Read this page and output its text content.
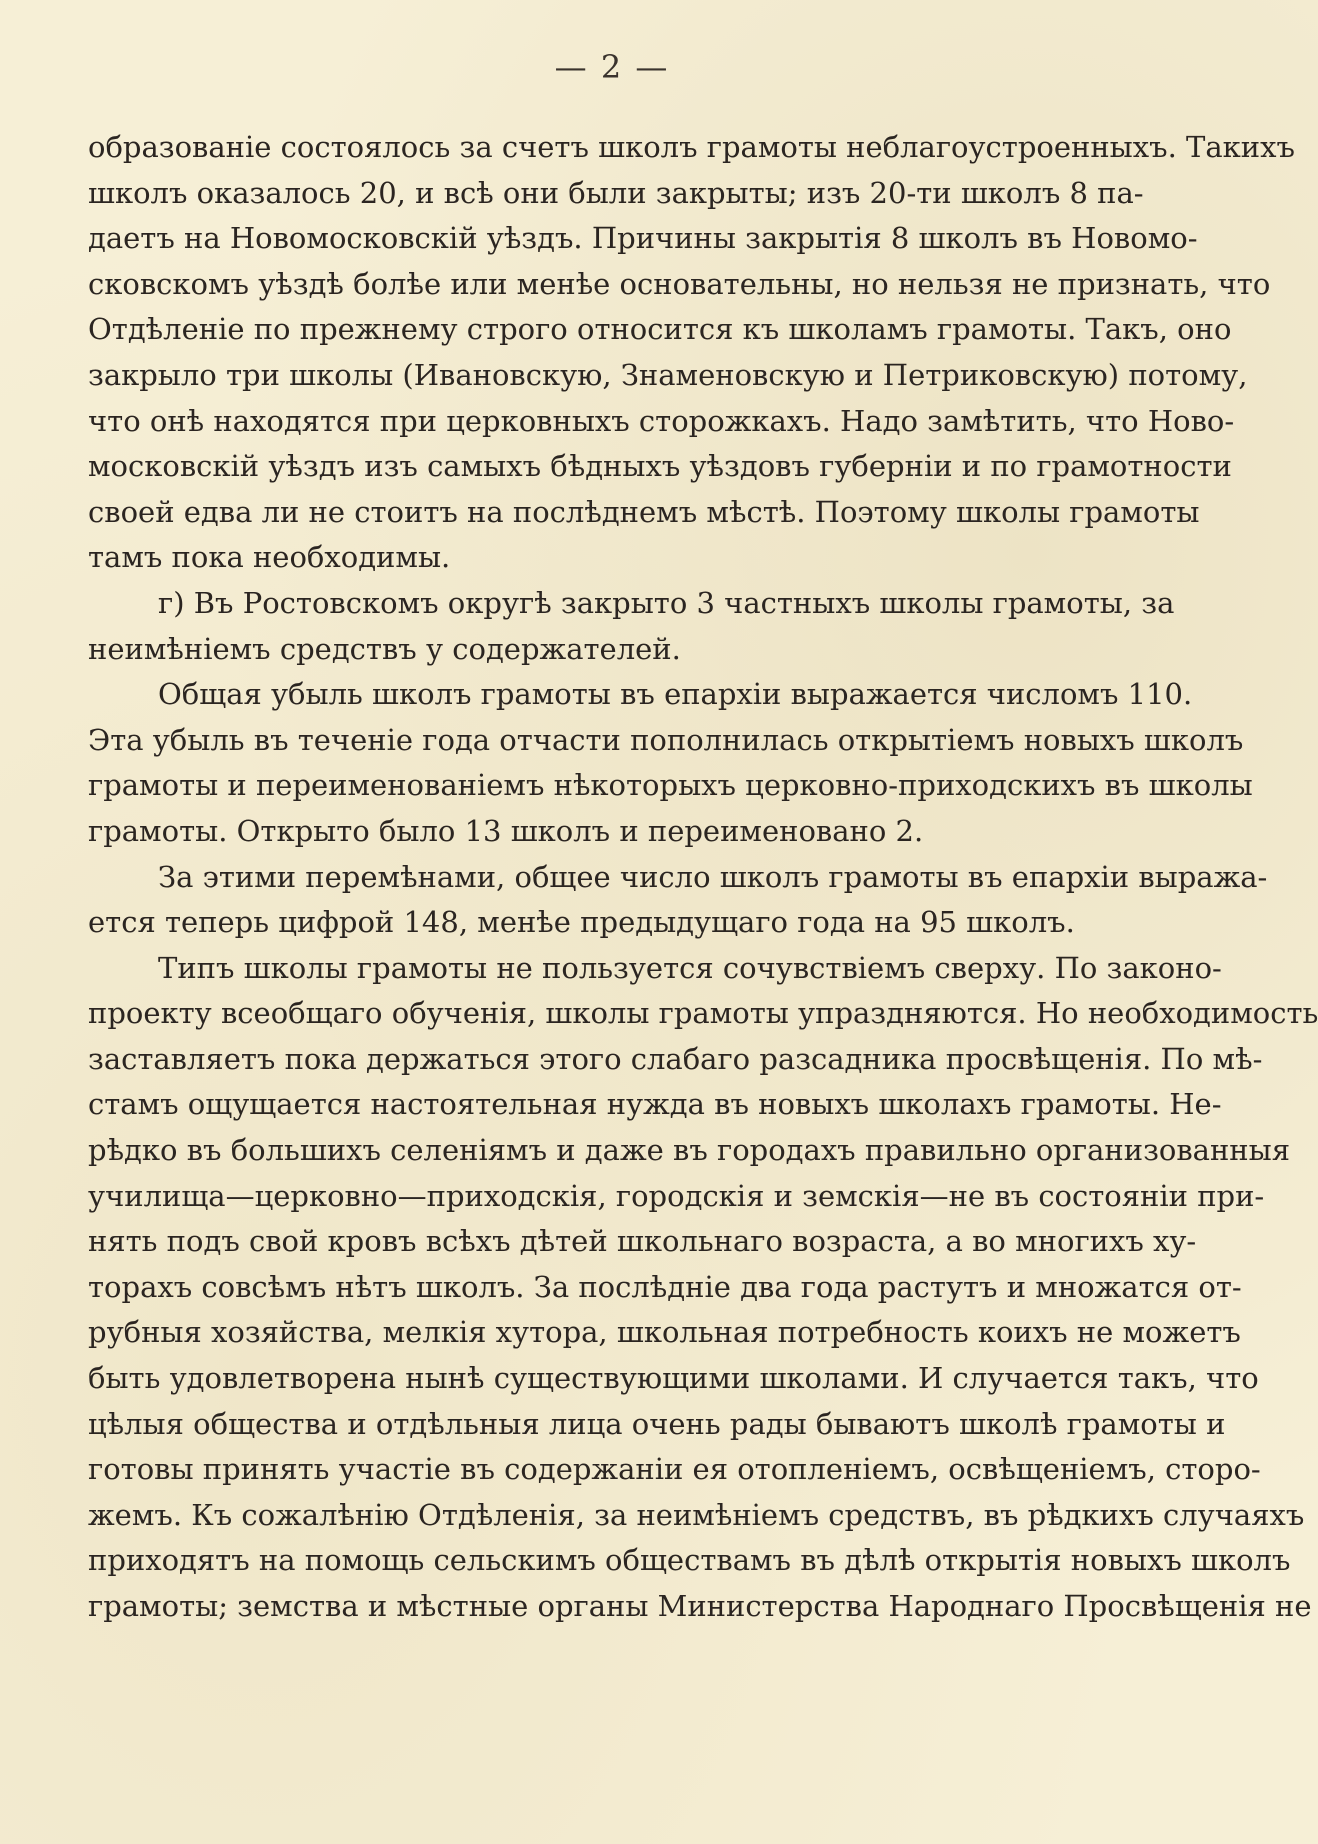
— 2 —
образованіе состоялось за счетъ школъ грамоты неблагоустроенныхъ. Такихъ
школъ оказалось 20, и всѣ они были закрыты; изъ 20-ти школъ 8 па-
даетъ на Новомосковскій уѣздъ. Причины закрытія 8 школъ въ Новомо-
сковскомъ уѣздѣ болѣе или менѣе основательны, но нельзя не признать, что
Отдѣленіе по прежнему строго относится къ школамъ грамоты. Такъ, оно
закрыло три школы (Ивановскую, Знаменовскую и Петриковскую) потому,
что онѣ находятся при церковныхъ сторожкахъ. Надо замѣтить, что Ново-
московскій уѣздъ изъ самыхъ бѣдныхъ уѣздовъ губерніи и по грамотности
своей едва ли не стоитъ на послѣднемъ мѣстѣ. Поэтому школы грамоты
тамъ пока необходимы.
г) Въ Ростовскомъ округѣ закрыто 3 частныхъ школы грамоты, за
неимѣніемъ средствъ у содержателей.
Общая убыль школъ грамоты въ епархіи выражается числомъ 110.
Эта убыль въ теченіе года отчасти пополнилась открытіемъ новыхъ школъ
грамоты и переименованіемъ нѣкоторыхъ церковно-приходскихъ въ школы
грамоты. Открыто было 13 школъ и переименовано 2.
За этими перемѣнами, общее число школъ грамоты въ епархіи выража-
ется теперь цифрой 148, менѣе предыдущаго года на 95 школъ.
Типъ школы грамоты не пользуется сочувствіемъ сверху. По законо-
проекту всеобщаго обученія, школы грамоты упраздняются. Но необходимость
заставляетъ пока держаться этого слабаго разсадника просвѣщенія. По мѣ-
стамъ ощущается настоятельная нужда въ новыхъ школахъ грамоты. Не-
рѣдко въ большихъ селеніямъ и даже въ городахъ правильно организованныя
училища—церковно—приходскія, городскія и земскія—не въ состояніи при-
нять подъ свой кровъ всѣхъ дѣтей школьнаго возраста, а во многихъ ху-
торахъ совсѣмъ нѣтъ школъ. За послѣдніе два года растутъ и множатся от-
рубныя хозяйства, мелкія хутора, школьная потребность коихъ не можетъ
быть удовлетворена нынѣ существующими школами. И случается такъ, что
цѣлыя общества и отдѣльныя лица очень рады бываютъ школѣ грамоты и
готовы принять участіе въ содержаніи ея отопленіемъ, освѣщеніемъ, сторо-
жемъ. Къ сожалѣнію Отдѣленія, за неимѣніемъ средствъ, въ рѣдкихъ случаяхъ
приходятъ на помощь сельскимъ обществамъ въ дѣлѣ открытія новыхъ школъ
грамоты; земства и мѣстные органы Министерства Народнаго Просвѣщенія не
